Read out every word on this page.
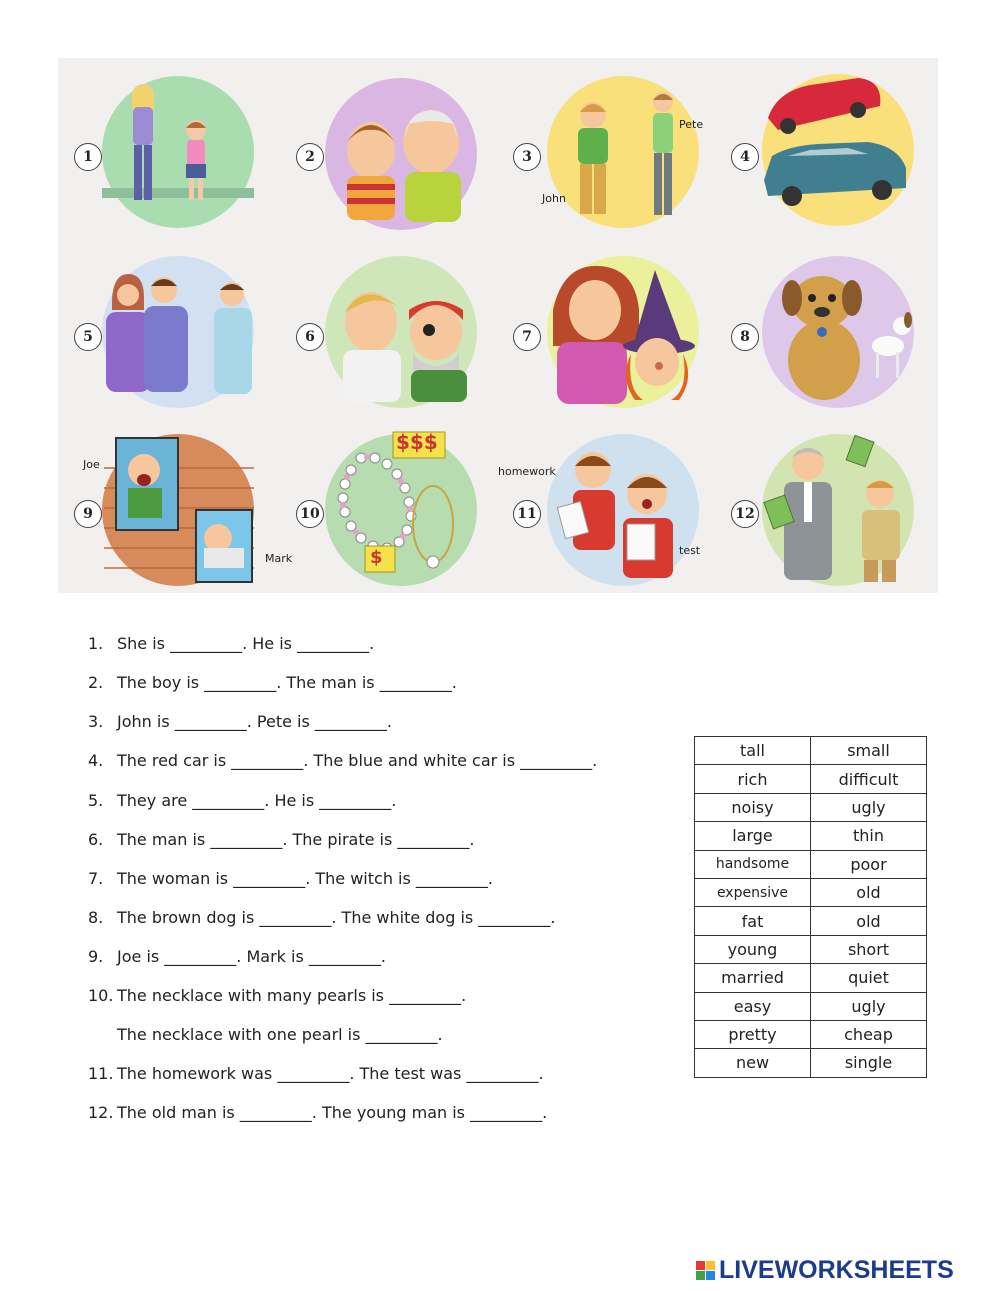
1	2	3
Pete
John
4
5	6	7	8
9
Joe
Mark
$$$
$
10	11
homework
test
12
1. She is _________. He is _________.
2. The boy is _________. The man is _________.
3. John is _________. Pete is _________.
4. The red car is _________. The blue and white car is _________.
5. They are _________. He is _________.
6. The man is _________. The pirate is _________.
7. The woman is _________. The witch is _________.
8. The brown dog is _________. The white dog is _________.
9. Joe is _________. Mark is _________.
10. The necklace with many pearls is _________.
The necklace with one pearl is _________.
11. The homework was _________. The test was _________.
12. The old man is _________. The young man is _________.
tall	small
rich	difficult
noisy	ugly
large	thin
handsome	poor
expensive	old
fat	old
young	short
married	quiet
easy	ugly
pretty	cheap
new	single
LIVEWORKSHEETS
